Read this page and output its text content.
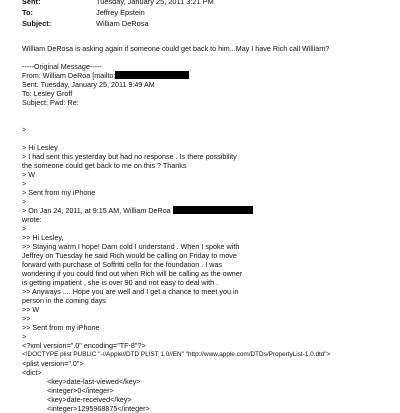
Sent:	Tuesday, January 25, 2011 3:21 PM
To:	Jeffrey Epstein
Subject:	William DeRosa
William DeRosa is asking again if someone could get back to him...May I have Rich call William?
-----Original Message-----
From: William DeRoa [mailto:
Sent: Tuesday, January 25, 2011 9:49 AM
To: Lesley Groff
Subject: Fwd: Re:
>
> Hi Lesley
> I had sent this yesterday but had no response . Is there possibility
the someone could get back to me on this ? Thanks
> W
>
> Sent from my iPhone
>
> On Jan 24, 2011, at 9:15 AM, William DeRoa
wrote:
>
>> Hi Lesley,
>> Staying warm I hope! Darn cold I understand . When I spoke with
Jeffrey on Tuesday he said Rich would be calling on Friday to move
forward with purchase of Soffritti cello for the foundation . I was
wondering if you could find out when Rich will be calling as the owner
is getting impatient , she is over 90 and not easy to deal with .
>> Anyways .... Hope you are well and I get a chance to meet you in
person in the coming days
>> W
>>
>> Sent from my iPhone
>
<?xml version=".0" encoding="TF-8"?>
<!DOCTYPE plist PUBLIC "-//Apple//DTD PLIST 1.0//EN" "http://www.apple.com/DTDs/PropertyList-1.0.dtd">
<plist version=".0">
<dict>
<key>date-last-viewed</key>
<integer>0</integer>
<key>date-received</key>
<integer>1295968875</integer>
